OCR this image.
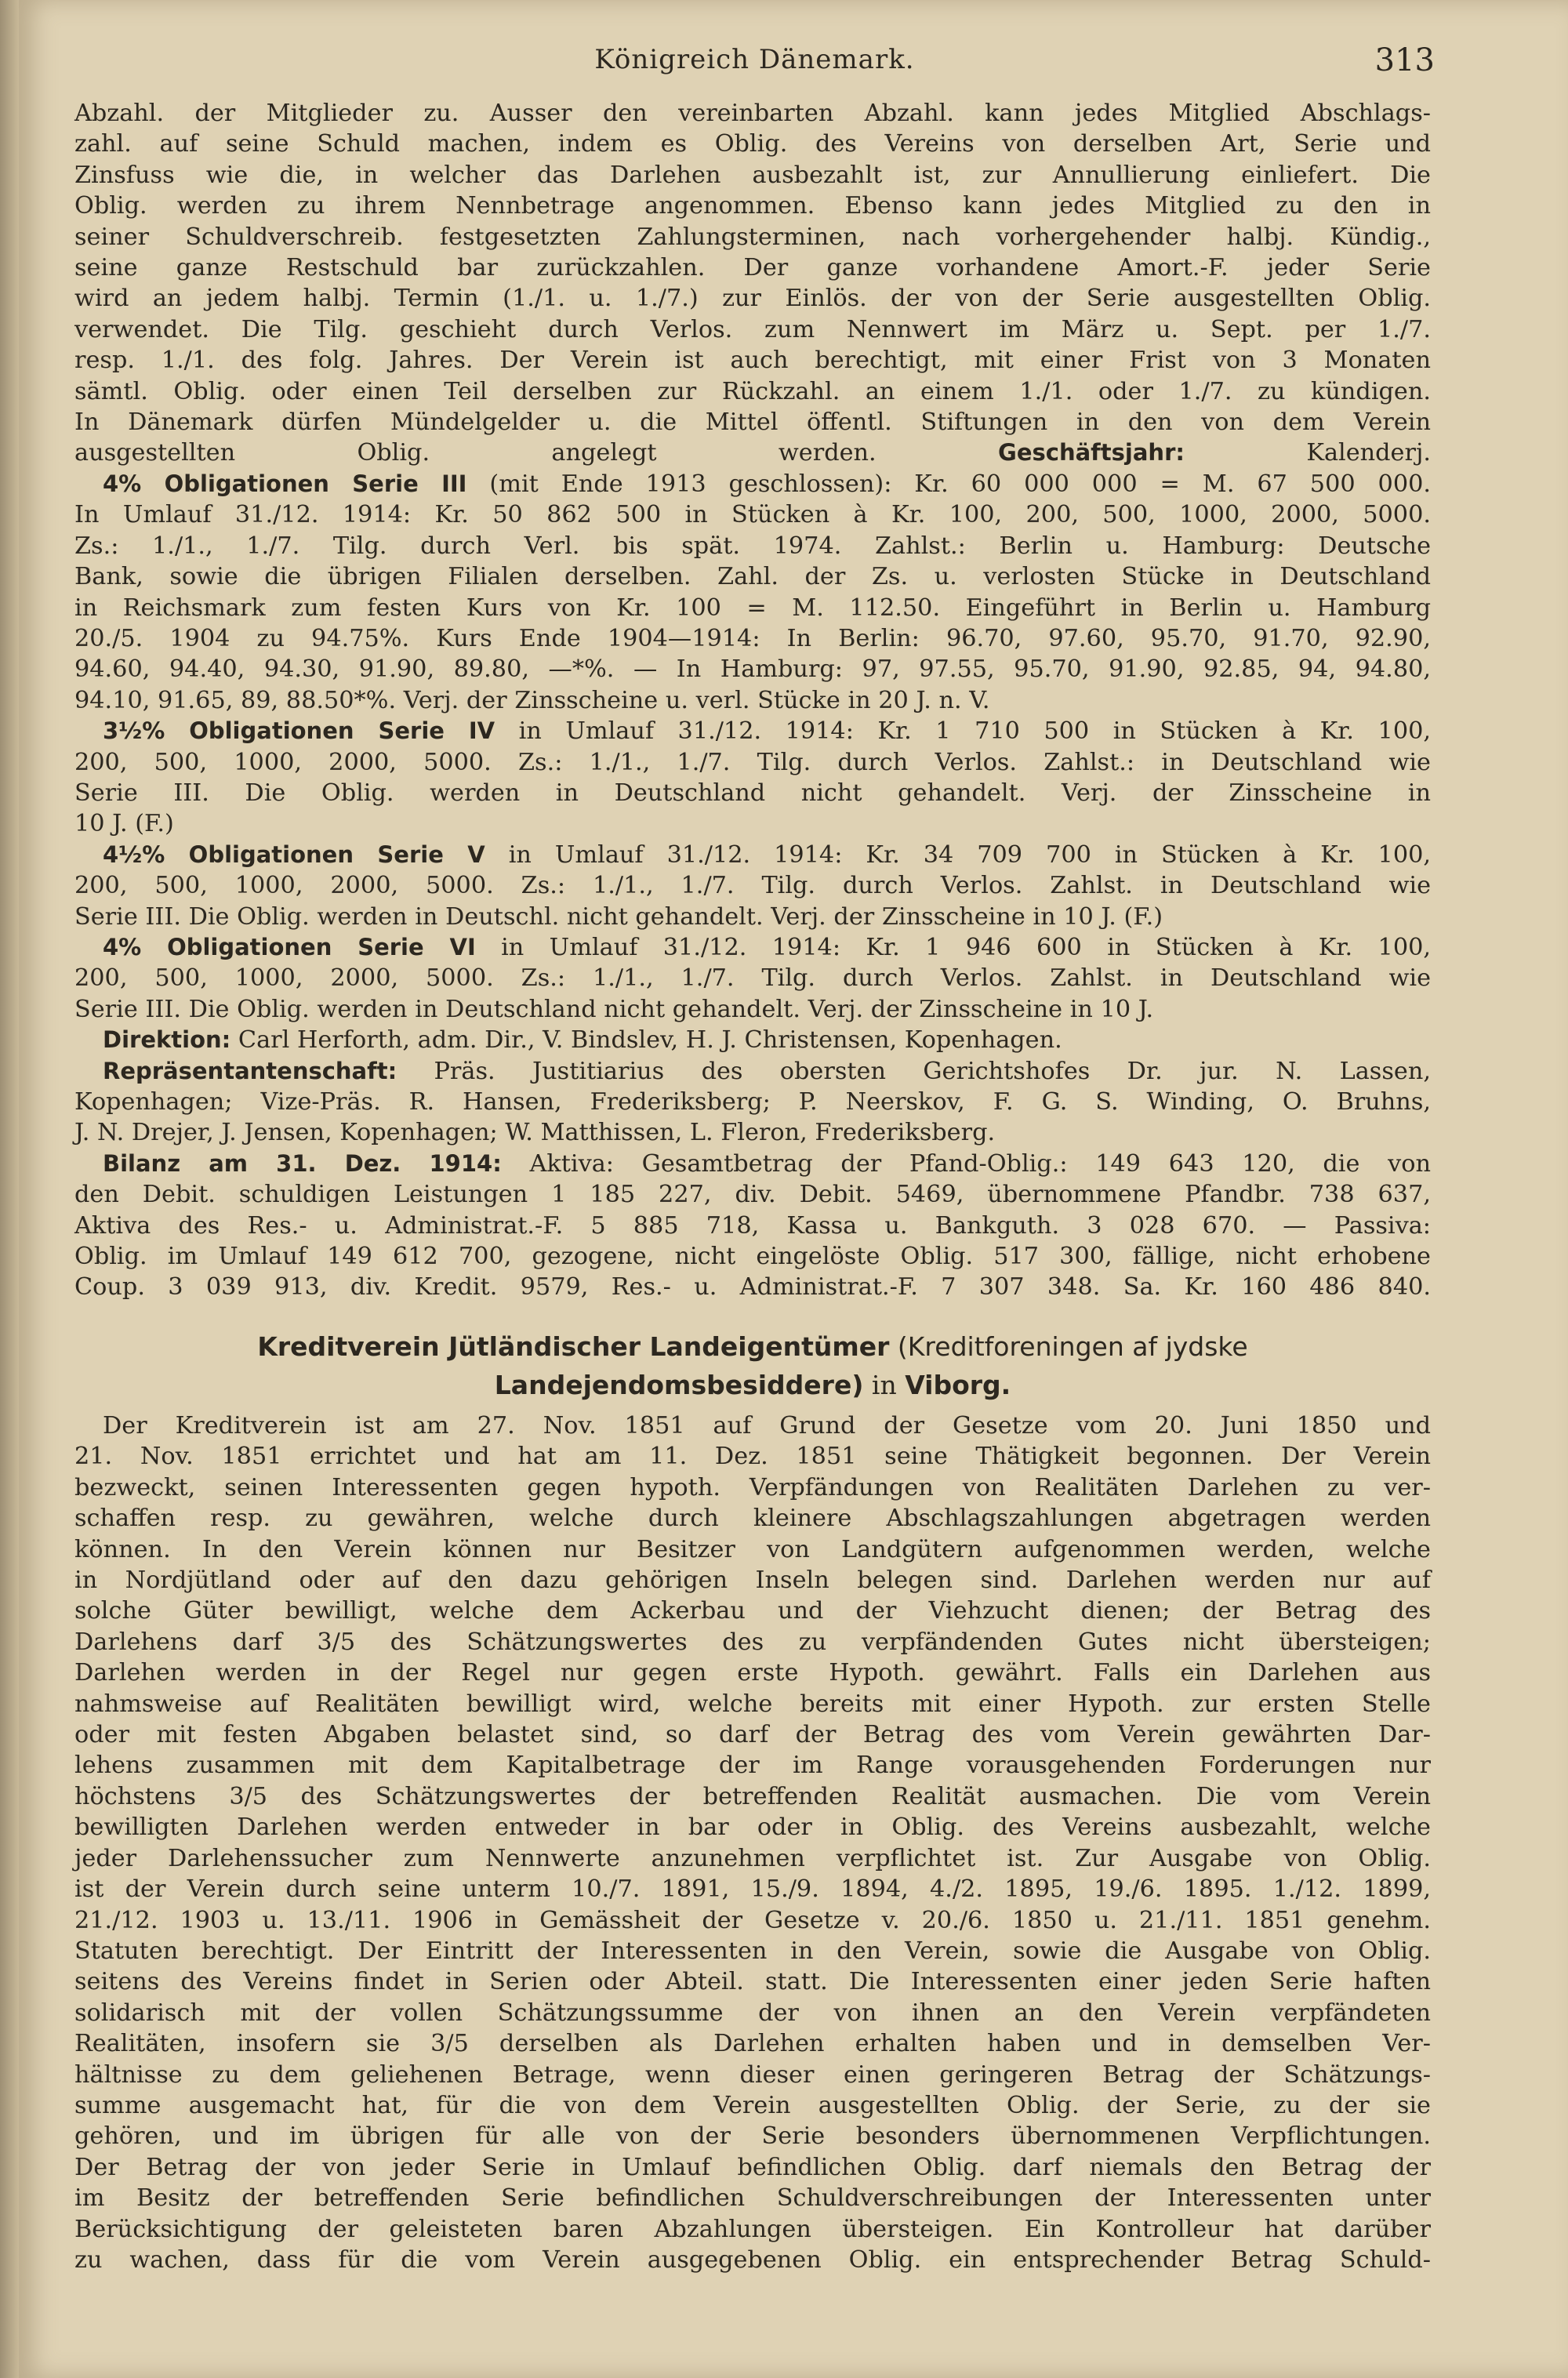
Königreich Dänemark.	313
Abzahl. der Mitglieder zu. Ausser den vereinbarten Abzahl. kann jedes Mitglied Abschlags-
zahl. auf seine Schuld machen, indem es Oblig. des Vereins von derselben Art, Serie und
Zinsfuss wie die, in welcher das Darlehen ausbezahlt ist, zur Annullierung einliefert. Die
Oblig. werden zu ihrem Nennbetrage angenommen. Ebenso kann jedes Mitglied zu den in
seiner Schuldverschreib. festgesetzten Zahlungsterminen, nach vorhergehender halbj. Kündig.,
seine ganze Restschuld bar zurückzahlen. Der ganze vorhandene Amort.-F. jeder Serie
wird an jedem halbj. Termin (1./1. u. 1./7.) zur Einlös. der von der Serie ausgestellten Oblig.
verwendet. Die Tilg. geschieht durch Verlos. zum Nennwert im März u. Sept. per 1./7.
resp. 1./1. des folg. Jahres. Der Verein ist auch berechtigt, mit einer Frist von 3 Monaten
sämtl. Oblig. oder einen Teil derselben zur Rückzahl. an einem 1./1. oder 1./7. zu kündigen.
In Dänemark dürfen Mündelgelder u. die Mittel öffentl. Stiftungen in den von dem Verein
ausgestellten Oblig. angelegt werden.	Geschäftsjahr:	Kalenderj.
4% Obligationen Serie III (mit Ende 1913 geschlossen): Kr. 60 000 000 = M. 67 500 000.
In Umlauf 31./12. 1914: Kr. 50 862 500 in Stücken à Kr. 100, 200, 500, 1000, 2000, 5000.
Zs.: 1./1., 1./7. Tilg. durch Verl. bis spät. 1974. Zahlst.: Berlin u. Hamburg: Deutsche
Bank, sowie die übrigen Filialen derselben. Zahl. der Zs. u. verlosten Stücke in Deutschland
in Reichsmark zum festen Kurs von Kr. 100 = M. 112.50. Eingeführt in Berlin u. Hamburg
20./5. 1904 zu 94.75%. Kurs Ende 1904—1914: In Berlin: 96.70, 97.60, 95.70, 91.70, 92.90,
94.60, 94.40, 94.30, 91.90, 89.80, —*%. — In Hamburg: 97, 97.55, 95.70, 91.90, 92.85, 94, 94.80,
94.10, 91.65, 89, 88.50*%. Verj. der Zinsscheine u. verl. Stücke in 20 J. n. V.
3½% Obligationen Serie IV in Umlauf 31./12. 1914: Kr. 1 710 500 in Stücken à Kr. 100,
200, 500, 1000, 2000, 5000. Zs.: 1./1., 1./7. Tilg. durch Verlos. Zahlst.: in Deutschland wie
Serie III. Die Oblig. werden in Deutschland nicht gehandelt. Verj. der Zinsscheine in
10 J. (F.)
4½% Obligationen Serie V in Umlauf 31./12. 1914: Kr. 34 709 700 in Stücken à Kr. 100,
200, 500, 1000, 2000, 5000. Zs.: 1./1., 1./7. Tilg. durch Verlos. Zahlst. in Deutschland wie
Serie III. Die Oblig. werden in Deutschl. nicht gehandelt. Verj. der Zinsscheine in 10 J. (F.)
4% Obligationen Serie VI in Umlauf 31./12. 1914: Kr. 1 946 600 in Stücken à Kr. 100,
200, 500, 1000, 2000, 5000. Zs.: 1./1., 1./7. Tilg. durch Verlos. Zahlst. in Deutschland wie
Serie III. Die Oblig. werden in Deutschland nicht gehandelt. Verj. der Zinsscheine in 10 J.
Direktion: Carl Herforth, adm. Dir., V. Bindslev, H. J. Christensen, Kopenhagen.
Repräsentantenschaft: Präs. Justitiarius des obersten Gerichtshofes Dr. jur. N. Lassen,
Kopenhagen; Vize-Präs. R. Hansen, Frederiksberg; P. Neerskov, F. G. S. Winding, O. Bruhns,
J. N. Drejer, J. Jensen, Kopenhagen; W. Matthissen, L. Fleron, Frederiksberg.
Bilanz am 31. Dez. 1914: Aktiva: Gesamtbetrag der Pfand-Oblig.: 149 643 120, die von
den Debit. schuldigen Leistungen 1 185 227, div. Debit. 5469, übernommene Pfandbr. 738 637,
Aktiva des Res.- u. Administrat.-F. 5 885 718, Kassa u. Bankguth. 3 028 670. — Passiva:
Oblig. im Umlauf 149 612 700, gezogene, nicht eingelöste Oblig. 517 300, fällige, nicht erhobene
Coup. 3 039 913, div. Kredit. 9579, Res.- u. Administrat.-F. 7 307 348. Sa. Kr. 160 486 840.
Kreditverein Jütländischer Landeigentümer (Kreditforeningen af jydske
Landejendomsbesiddere) in Viborg.
Der Kreditverein ist am 27. Nov. 1851 auf Grund der Gesetze vom 20. Juni 1850 und
21. Nov. 1851 errichtet und hat am 11. Dez. 1851 seine Thätigkeit begonnen. Der Verein
bezweckt, seinen Interessenten gegen hypoth. Verpfändungen von Realitäten Darlehen zu ver-
schaffen resp. zu gewähren, welche durch kleinere Abschlagszahlungen abgetragen werden
können. In den Verein können nur Besitzer von Landgütern aufgenommen werden, welche
in Nordjütland oder auf den dazu gehörigen Inseln belegen sind. Darlehen werden nur auf
solche Güter bewilligt, welche dem Ackerbau und der Viehzucht dienen; der Betrag des
Darlehens darf 3/5 des Schätzungswertes des zu verpfändenden Gutes nicht übersteigen;
Darlehen werden in der Regel nur gegen erste Hypoth. gewährt. Falls ein Darlehen aus
nahmsweise auf Realitäten bewilligt wird, welche bereits mit einer Hypoth. zur ersten Stelle
oder mit festen Abgaben belastet sind, so darf der Betrag des vom Verein gewährten Dar-
lehens zusammen mit dem Kapitalbetrage der im Range vorausgehenden Forderungen nur
höchstens 3/5 des Schätzungswertes der betreffenden Realität ausmachen. Die vom Verein
bewilligten Darlehen werden entweder in bar oder in Oblig. des Vereins ausbezahlt, welche
jeder Darlehenssucher zum Nennwerte anzunehmen verpflichtet ist. Zur Ausgabe von Oblig.
ist der Verein durch seine unterm 10./7. 1891, 15./9. 1894, 4./2. 1895, 19./6. 1895. 1./12. 1899,
21./12. 1903 u. 13./11. 1906 in Gemässheit der Gesetze v. 20./6. 1850 u. 21./11. 1851 genehm.
Statuten berechtigt. Der Eintritt der Interessenten in den Verein, sowie die Ausgabe von Oblig.
seitens des Vereins findet in Serien oder Abteil. statt. Die Interessenten einer jeden Serie haften
solidarisch mit der vollen Schätzungssumme der von ihnen an den Verein verpfändeten
Realitäten, insofern sie 3/5 derselben als Darlehen erhalten haben und in demselben Ver-
hältnisse zu dem geliehenen Betrage, wenn dieser einen geringeren Betrag der Schätzungs-
summe ausgemacht hat, für die von dem Verein ausgestellten Oblig. der Serie, zu der sie
gehören, und im übrigen für alle von der Serie besonders übernommenen Verpflichtungen.
Der Betrag der von jeder Serie in Umlauf befindlichen Oblig. darf niemals den Betrag der
im Besitz der betreffenden Serie befindlichen Schuldverschreibungen der Interessenten unter
Berücksichtigung der geleisteten baren Abzahlungen übersteigen. Ein Kontrolleur hat darüber
zu wachen, dass für die vom Verein ausgegebenen Oblig. ein entsprechender Betrag Schuld-
